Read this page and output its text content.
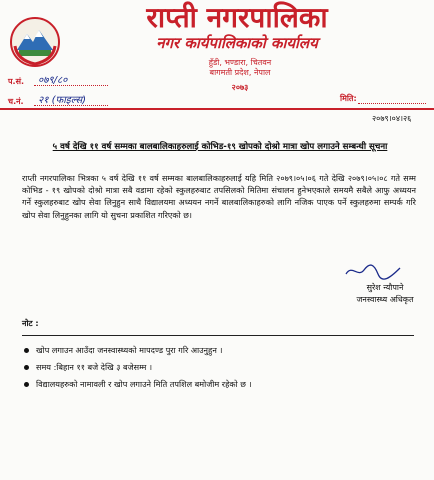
राप्ती नगरपालिका
नगर कार्यपालिकाको कार्यालय
हुँडी, भण्डारा, चितवन
बागमती प्रदेश, नेपाल
२०७३
प.सं. ०७९/८०
च.नं. २१ (फाइल्स)	मिति:
२०७९।०४।२६
५ वर्ष देखि ११ वर्ष सम्मका बालबालिकाहरुलाई कोभिड-१९ खोपको दोश्रो मात्रा खोप लगाउने सम्बन्धी सूचना
राप्ती नगरपालिका भित्रका ५ वर्ष देखि ११ वर्ष सम्मका बालबालिकाहरुलाई यहि मिति २०७९।०५।०६ गते देखि २०७९।०५।०८ गते सम्म कोभिड - १९ खोपको दोश्रो मात्रा सबै वडामा रहेको स्कुलहरुबाट तपसिलको मितिमा संचालन हुनेभएकाले समयमै सबैले आफु अध्ययन गर्ने स्कुलहरुबाट खोप सेवा लिनुहुन साथै विद्यालयमा अध्ययन नगर्ने बालबालिकाहरुको लागि नजिक पाएक पर्ने स्कुलहरुमा सम्पर्क गरि खोप सेवा लिनुहुनका लागि यो सुचना प्रकाशित गरिएको छ।
सुरेश न्यौपाने
जनस्वास्थ्य अधिकृत
नोट :
खोप लगाउन आउँदा जनस्वास्थ्यको मापदण्ड पुरा गरि आउनुहुन ।
समय :बिहान ११ बजे देखि ३ बजेसम्म ।
विद्यालयहरुको नामावली र खोप लगाउने मिति तपशिल बमोजीम रहेको छ ।
